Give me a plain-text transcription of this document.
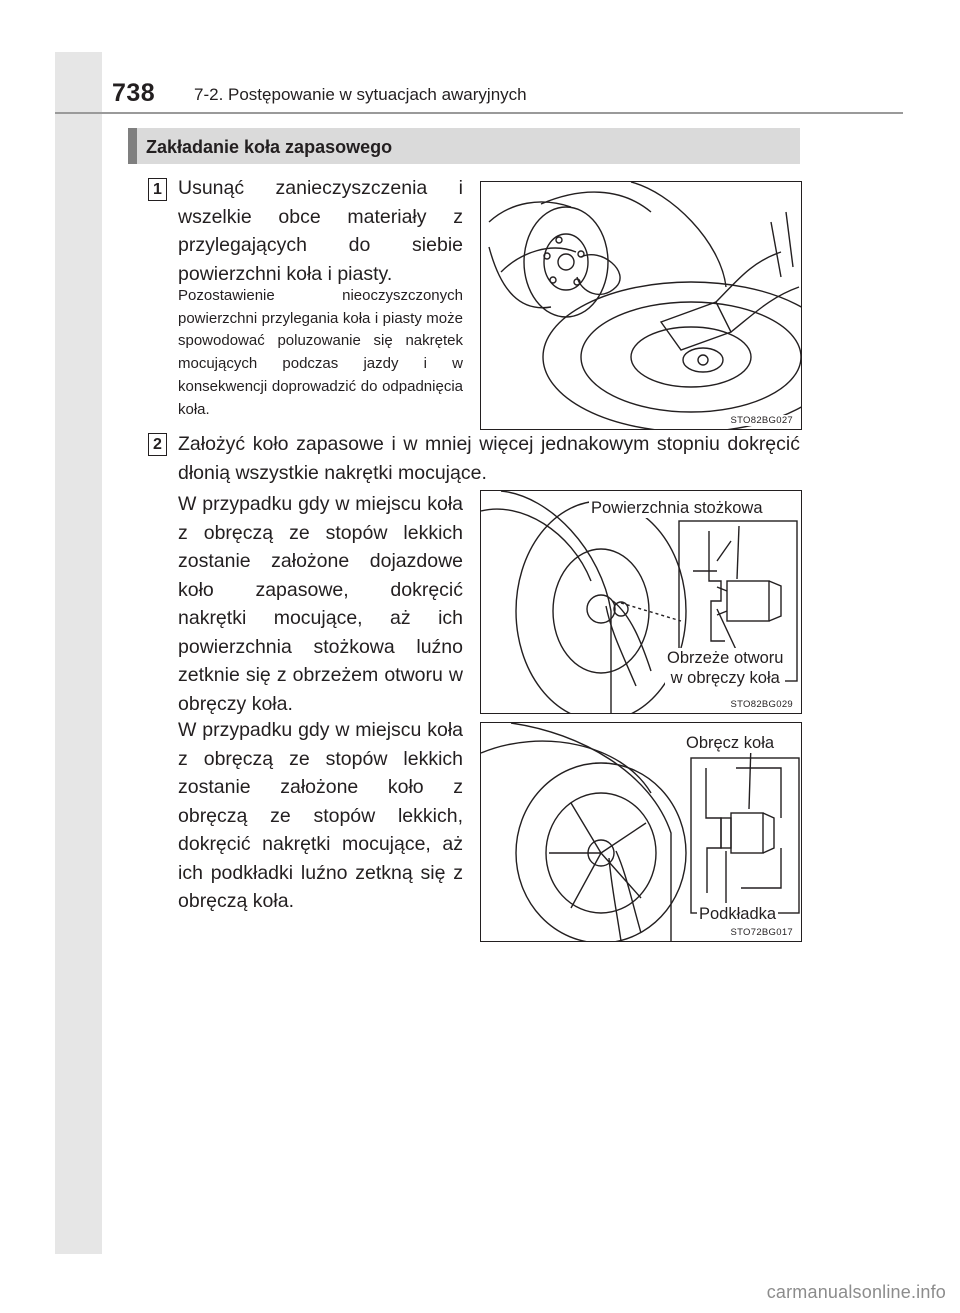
738 7-2. Postępowanie w sytuacjach awaryjnych
Zakładanie koła zapasowego
1 Usunąć zanieczyszczenia i wszelkie obce materiały z przylegających do siebie powierzchni koła i piasty.
Pozostawienie nieoczyszczonych powierzchni przylegania koła i piasty może spowodować poluzowanie się nakrętek mocujących podczas jazdy i w konsekwencji doprowadzić do odpadnięcia koła.
STO82BG027
2 Założyć koło zapasowe i w mniej więcej jednakowym stopniu dokręcić dłonią wszystkie nakrętki mocujące.
W przypadku gdy w miejscu koła z obręczą ze stopów lekkich zostanie założone dojazdowe koło zapasowe, dokręcić nakrętki mocujące, aż ich powierzchnia stożkowa luźno zetknie się z obrzeżem otworu w obręczy koła.
Powierzchnia stożkowa
Obrzeże otworu
w obręczy koła
STO82BG029
W przypadku gdy w miejscu koła z obręczą ze stopów lekkich zostanie założone koło z obręczą ze stopów lekkich, dokręcić nakrętki mocujące, aż ich podkładki luźno zetkną się z obręczą koła.
Obręcz koła
Podkładka
STO72BG017
carmanualsonline.info
